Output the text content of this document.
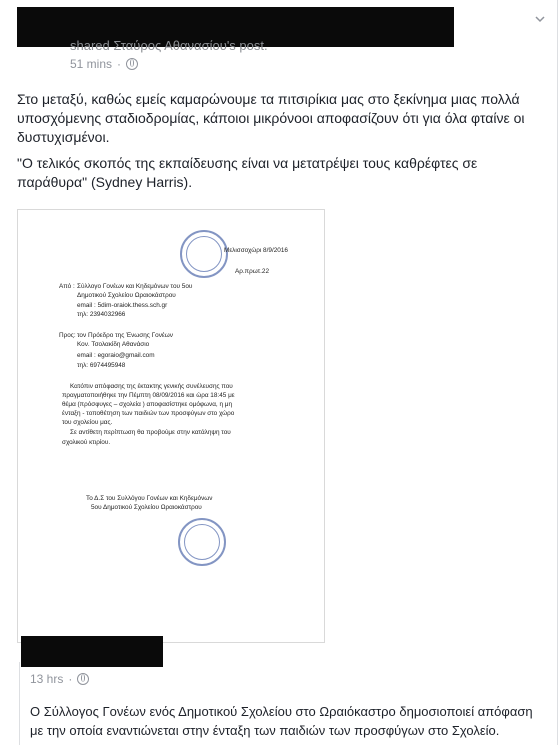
shared Σταύρος Αθανασίου's post.
51 mins ·

Στο μεταξύ, καθώς εμείς καμαρώνουμε τα πιτσιρίκια μας στο ξεκίνημα μιας πολλά υποσχόμενης σταδιοδρομίας, κάποιοι μικρόνοοι αποφασίζουν ότι για όλα φταίνε οι δυστυχισμένοι.

"Ο τελικός σκοπός της εκπαίδευσης είναι να μετατρέψει τους καθρέφτες σε παράθυρα" (Sydney Harris).

Μελισσοχώρι 8/9/2016
Αρ.πρωτ.22
Από : Σύλλογο Γονέων και Κηδεμόνων του 5ου
Δημοτικού Σχολείου Ωραιοκάστρου
email : 5dim-oraiok.thess.sch.gr
τηλ: 2394032966
Προς: τον Πρόεδρο της Ένωσης Γονέων
Κον. Τσολακίδη Αθανάσιο
email : egoraio@gmail.com
τηλ: 6974495948
Κατόπιν απόφασης της έκτακτης γενικής συνέλευσης που
πραγματοποιήθηκε την Πέμπτη 08/09/2016 και ώρα 18:45 με
θέμα (πρόσφυγες – σχολεία ) αποφασίστηκε ομόφωνα, η μη
ένταξη - τοποθέτηση των παιδιών των προσφύγων στο χώρο
του σχολείου μας.
Σε αντίθετη περίπτωση θα προβούμε στην κατάληψη του
σχολικού κτιρίου.
Το Δ.Σ του Συλλόγου Γονέων και Κηδεμόνων
5ου Δημοτικού Σχολείου Ωραιοκάστρου
13 hrs ·
Ο Σύλλογος Γονέων ενός Δημοτικού Σχολείου στο Ωραιόκαστρο δημοσιοποιεί απόφαση με την οποία εναντιώνεται στην ένταξη των παιδιών των προσφύγων στο Σχολείο.
